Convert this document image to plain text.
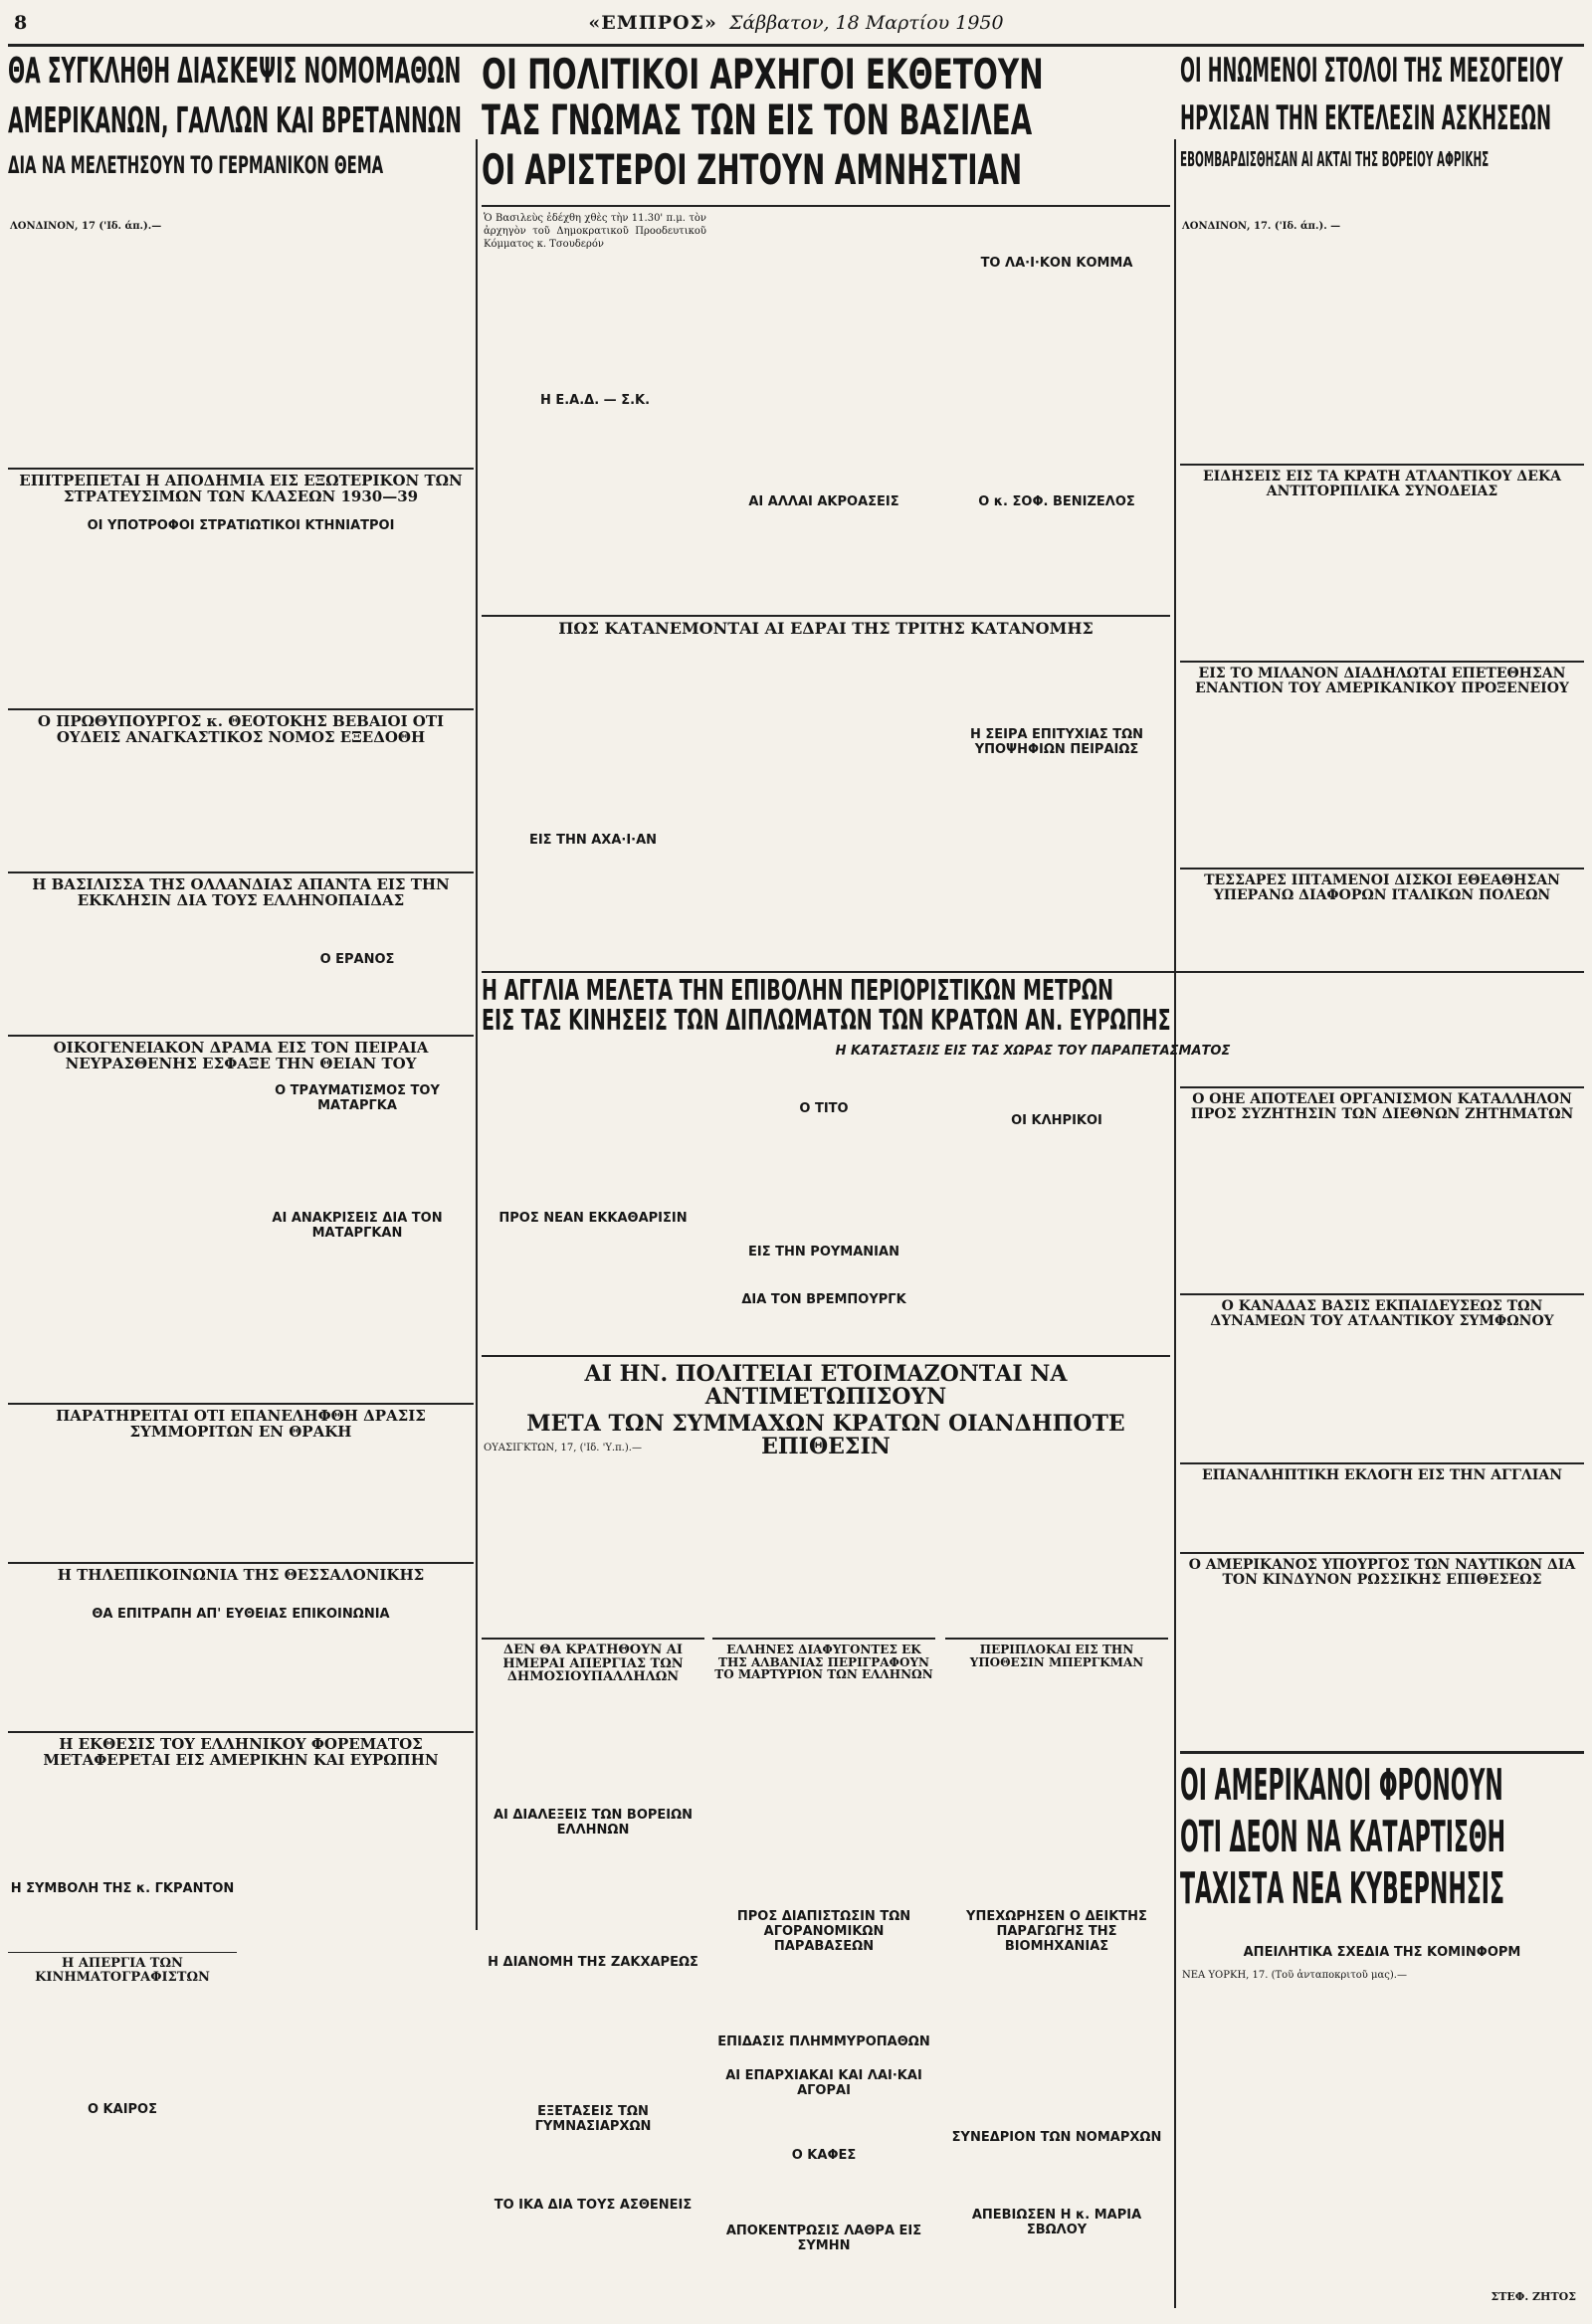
8	«ΕΜΠΡΟΣ» Σάββατον, 18 Μαρτίου 1950
ΘΑ ΣΥΓΚΛΗΘΗ ΔΙΑΣΚΕΨΙΣ ΝΟΜΟΜΑΘΩΝ
ΑΜΕΡΙΚΑΝΩΝ, ΓΑΛΛΩΝ ΚΑΙ ΒΡΕΤΑΝΝΩΝ
ΔΙΑ ΝΑ ΜΕΛΕΤΗΣΟΥΝ ΤΟ ΓΕΡΜΑΝΙΚΟΝ ΘΕΜΑ
ΛΟΝΔΙΝΟΝ, 17 ('Ιδ. άπ.).—
ΟΙ ΠΟΛΙΤΙΚΟΙ ΑΡΧΗΓΟΙ ΕΚΘΕΤΟΥΝ
ΤΑΣ ΓΝΩΜΑΣ ΤΩΝ ΕΙΣ ΤΟΝ ΒΑΣΙΛΕΑ
ΟΙ ΑΡΙΣΤΕΡΟΙ ΖΗΤΟΥΝ ΑΜΝΗΣΤΙΑΝ
Ὁ Βασιλεὺς ἐδέχθη χθὲς τὴν 11.30' π.μ. τὸν ἀρχηγὸν τοῦ Δημοκρατικοῦ Προοδευτικοῦ Κόμματος κ. Τσουδερόν
Η Ε.Α.Δ. — Σ.Κ.
ΤΟ ΛΑ·Ι·ΚΟΝ ΚΟΜΜΑ
ΑΙ ΑΛΛΑΙ ΑΚΡΟΑΣΕΙΣ	Ο κ. ΣΟΦ. ΒΕΝΙΖΕΛΟΣ
ΟΙ ΗΝΩΜΕΝΟΙ ΣΤΟΛΟΙ ΤΗΣ ΜΕΣΟΓΕΙΟΥ
ΗΡΧΙΣΑΝ ΤΗΝ ΕΚΤΕΛΕΣΙΝ ΑΣΚΗΣΕΩΝ
ΕΒΟΜΒΑΡΔΙΣΘΗΣΑΝ ΑΙ ΑΚΤΑΙ ΤΗΣ ΒΟΡΕΙΟΥ ΑΦΡΙΚΗΣ
ΛΟΝΔΙΝΟΝ, 17. ('Ιδ. άπ.). —
ΕΠΙΤΡΕΠΕΤΑΙ Η ΑΠΟΔΗΜΙΑ ΕΙΣ ΕΞΩΤΕΡΙΚΟΝ ΤΩΝ ΣΤΡΑΤΕΥΣΙΜΩΝ ΤΩΝ ΚΛΑΣΕΩΝ 1930—39
ΟΙ ΥΠΟΤΡΟΦΟΙ ΣΤΡΑΤΙΩΤΙΚΟΙ ΚΤΗΝΙΑΤΡΟΙ
Ο ΠΡΩΘΥΠΟΥΡΓΟΣ κ. ΘΕΟΤΟΚΗΣ ΒΕΒΑΙΟΙ ΟΤΙ ΟΥΔΕΙΣ ΑΝΑΓΚΑΣΤΙΚΟΣ ΝΟΜΟΣ ΕΞΕΔΟΘΗ
Η ΒΑΣΙΛΙΣΣΑ ΤΗΣ ΟΛΛΑΝΔΙΑΣ ΑΠΑΝΤΑ ΕΙΣ ΤΗΝ ΕΚΚΛΗΣΙΝ ΔΙΑ ΤΟΥΣ ΕΛΛΗΝΟΠΑΙΔΑΣ
Ο ΕΡΑΝΟΣ
ΟΙΚΟΓΕΝΕΙΑΚΟΝ ΔΡΑΜΑ ΕΙΣ ΤΟΝ ΠΕΙΡΑΙΑ ΝΕΥΡΑΣΘΕΝΗΣ ΕΣΦΑΞΕ ΤΗΝ ΘΕΙΑΝ ΤΟΥ
Ο ΤΡΑΥΜΑΤΙΣΜΟΣ ΤΟΥ ΜΑΤΑΡΓΚΑ
ΑΙ ΑΝΑΚΡΙΣΕΙΣ ΔΙΑ ΤΟΝ ΜΑΤΑΡΓΚΑΝ
ΠΑΡΑΤΗΡΕΙΤΑΙ ΟΤΙ ΕΠΑΝΕΛΗΦΘΗ ΔΡΑΣΙΣ ΣΥΜΜΟΡΙΤΩΝ ΕΝ ΘΡΑΚΗ
Η ΤΗΛΕΠΙΚΟΙΝΩΝΙΑ ΤΗΣ ΘΕΣΣΑΛΟΝΙΚΗΣ
ΘΑ ΕΠΙΤΡΑΠΗ ΑΠ' ΕΥΘΕΙΑΣ ΕΠΙΚΟΙΝΩΝΙΑ
Η ΕΚΘΕΣΙΣ ΤΟΥ ΕΛΛΗΝΙΚΟΥ ΦΟΡΕΜΑΤΟΣ ΜΕΤΑΦΕΡΕΤΑΙ ΕΙΣ ΑΜΕΡΙΚΗΝ ΚΑΙ ΕΥΡΩΠΗΝ
Η ΣΥΜΒΟΛΗ ΤΗΣ κ. ΓΚΡΑΝΤΟΝ
Η ΑΠΕΡΓΙΑ ΤΩΝ ΚΙΝΗΜΑΤΟΓΡΑΦΙΣΤΩΝ
Ο ΚΑΙΡΟΣ
ΠΩΣ ΚΑΤΑΝΕΜΟΝΤΑΙ ΑΙ ΕΔΡΑΙ ΤΗΣ ΤΡΙΤΗΣ ΚΑΤΑΝΟΜΗΣ
Η ΣΕΙΡΑ ΕΠΙΤΥΧΙΑΣ ΤΩΝ ΥΠΟΨΗΦΙΩΝ ΠΕΙΡΑΙΩΣ
ΕΙΣ ΤΗΝ ΑΧΑ·Ι·ΑΝ
Η ΑΓΓΛΙΑ ΜΕΛΕΤΑ ΤΗΝ ΕΠΙΒΟΛΗΝ ΠΕΡΙΟΡΙΣΤΙΚΩΝ ΜΕΤΡΩΝ
ΕΙΣ ΤΑΣ ΚΙΝΗΣΕΙΣ ΤΩΝ ΔΙΠΛΩΜΑΤΩΝ ΤΩΝ ΚΡΑΤΩΝ ΑΝ. ΕΥΡΩΠΗΣ
Η ΚΑΤΑΣΤΑΣΙΣ ΕΙΣ ΤΑΣ ΧΩΡΑΣ ΤΟΥ ΠΑΡΑΠΕΤΑΣΜΑΤΟΣ
ΠΡΟΣ ΝΕΑΝ ΕΚΚΑΘΑΡΙΣΙΝ
Ο ΤΙΤΟ
ΕΙΣ ΤΗΝ ΡΟΥΜΑΝΙΑΝ
ΔΙΑ ΤΟΝ ΒΡΕΜΠΟΥΡΓΚ
ΟΙ ΚΛΗΡΙΚΟΙ
ΑΙ ΗΝ. ΠΟΛΙΤΕΙΑΙ ΕΤΟΙΜΑΖΟΝΤΑΙ ΝΑ ΑΝΤΙΜΕΤΩΠΙΣΟΥΝ
ΜΕΤΑ ΤΩΝ ΣΥΜΜΑΧΩΝ ΚΡΑΤΩΝ ΟΙΑΝΔΗΠΟΤΕ ΕΠΙΘΕΣΙΝ
ΟΥΑΣΙΓΚΤΩΝ, 17, ('Ιδ. 'Υ.π.).—
ΔΕΝ ΘΑ ΚΡΑΤΗΘΟΥΝ ΑΙ ΗΜΕΡΑΙ ΑΠΕΡΓΙΑΣ ΤΩΝ ΔΗΜΟΣΙΟΥΠΑΛΛΗΛΩΝ
ΑΙ ΔΙΑΛΕΞΕΙΣ ΤΩΝ ΒΟΡΕΙΩΝ ΕΛΛΗΝΩΝ
Η ΔΙΑΝΟΜΗ ΤΗΣ ΖΑΚΧΑΡΕΩΣ
ΕΞΕΤΑΣΕΙΣ ΤΩΝ ΓΥΜΝΑΣΙΑΡΧΩΝ
ΤΟ ΙΚΑ ΔΙΑ ΤΟΥΣ ΑΣΘΕΝΕΙΣ
ΕΛΛΗΝΕΣ ΔΙΑΦΥΓΟΝΤΕΣ ΕΚ ΤΗΣ ΑΛΒΑΝΙΑΣ ΠΕΡΙΓΡΑΦΟΥΝ ΤΟ ΜΑΡΤΥΡΙΟΝ ΤΩΝ ΕΛΛΗΝΩΝ
ΠΡΟΣ ΔΙΑΠΙΣΤΩΣΙΝ ΤΩΝ ΑΓΟΡΑΝΟΜΙΚΩΝ ΠΑΡΑΒΑΣΕΩΝ
ΑΙ ΕΠΑΡΧΙΑΚΑΙ ΚΑΙ ΛΑΙ·ΚΑΙ ΑΓΟΡΑΙ
ΕΠΙΔΑΣΙΣ ΠΛΗΜΜΥΡΟΠΑΘΩΝ
Ο ΚΑΦΕΣ
ΑΠΟΚΕΝΤΡΩΣΙΣ ΛΑΘΡΑ ΕΙΣ ΣΥΜΗΝ
ΠΕΡΙΠΛΟΚΑΙ ΕΙΣ ΤΗΝ ΥΠΟΘΕΣΙΝ ΜΠΕΡΓΚΜΑΝ
ΥΠΕΧΩΡΗΣΕΝ Ο ΔΕΙΚΤΗΣ ΠΑΡΑΓΩΓΗΣ ΤΗΣ ΒΙΟΜΗΧΑΝΙΑΣ
ΣΥΝΕΔΡΙΟΝ ΤΩΝ ΝΟΜΑΡΧΩΝ
ΑΠΕΒΙΩΣΕΝ Η κ. ΜΑΡΙΑ ΣΒΩΛΟΥ
ΕΙΔΗΣΕΙΣ ΕΙΣ ΤΑ ΚΡΑΤΗ ΑΤΛΑΝΤΙΚΟΥ ΔΕΚΑ ΑΝΤΙΤΟΡΠΙΛΙΚΑ ΣΥΝΟΔΕΙΑΣ
ΕΙΣ ΤΟ ΜΙΛΑΝΟΝ ΔΙΑΔΗΛΩΤΑΙ ΕΠΕΤΕΘΗΣΑΝ ΕΝΑΝΤΙΟΝ ΤΟΥ ΑΜΕΡΙΚΑΝΙΚΟΥ ΠΡΟΞΕΝΕΙΟΥ
ΤΕΣΣΑΡΕΣ ΙΠΤΑΜΕΝΟΙ ΔΙΣΚΟΙ ΕΘΕΑΘΗΣΑΝ ΥΠΕΡΑΝΩ ΔΙΑΦΟΡΩΝ ΙΤΑΛΙΚΩΝ ΠΟΛΕΩΝ
Ο ΟΗΕ ΑΠΟΤΕΛΕΙ ΟΡΓΑΝΙΣΜΟΝ ΚΑΤΑΛΛΗΛΟΝ ΠΡΟΣ ΣΥΖΗΤΗΣΙΝ ΤΩΝ ΔΙΕΘΝΩΝ ΖΗΤΗΜΑΤΩΝ
Ο ΚΑΝΑΔΑΣ ΒΑΣΙΣ ΕΚΠΑΙΔΕΥΣΕΩΣ ΤΩΝ ΔΥΝΑΜΕΩΝ ΤΟΥ ΑΤΛΑΝΤΙΚΟΥ ΣΥΜΦΩΝΟΥ
ΕΠΑΝΑΛΗΠΤΙΚΗ ΕΚΛΟΓΗ ΕΙΣ ΤΗΝ ΑΓΓΛΙΑΝ
Ο ΑΜΕΡΙΚΑΝΟΣ ΥΠΟΥΡΓΟΣ ΤΩΝ ΝΑΥΤΙΚΩΝ ΔΙΑ ΤΟΝ ΚΙΝΔΥΝΟΝ ΡΩΣΣΙΚΗΣ ΕΠΙΘΕΣΕΩΣ
ΟΙ ΑΜΕΡΙΚΑΝΟΙ ΦΡΟΝΟΥΝ
ΟΤΙ ΔΕΟΝ ΝΑ ΚΑΤΑΡΤΙΣΘΗ
ΤΑΧΙΣΤΑ ΝΕΑ ΚΥΒΕΡΝΗΣΙΣ
ΑΠΕΙΛΗΤΙΚΑ ΣΧΕΔΙΑ ΤΗΣ ΚΟΜΙΝΦΟΡΜ
ΝΕΑ ΥΟΡΚΗ, 17. (Τοῦ ἀνταποκριτοῦ μας).—
ΣΤΕΦ. ΖΗΤΟΣ
